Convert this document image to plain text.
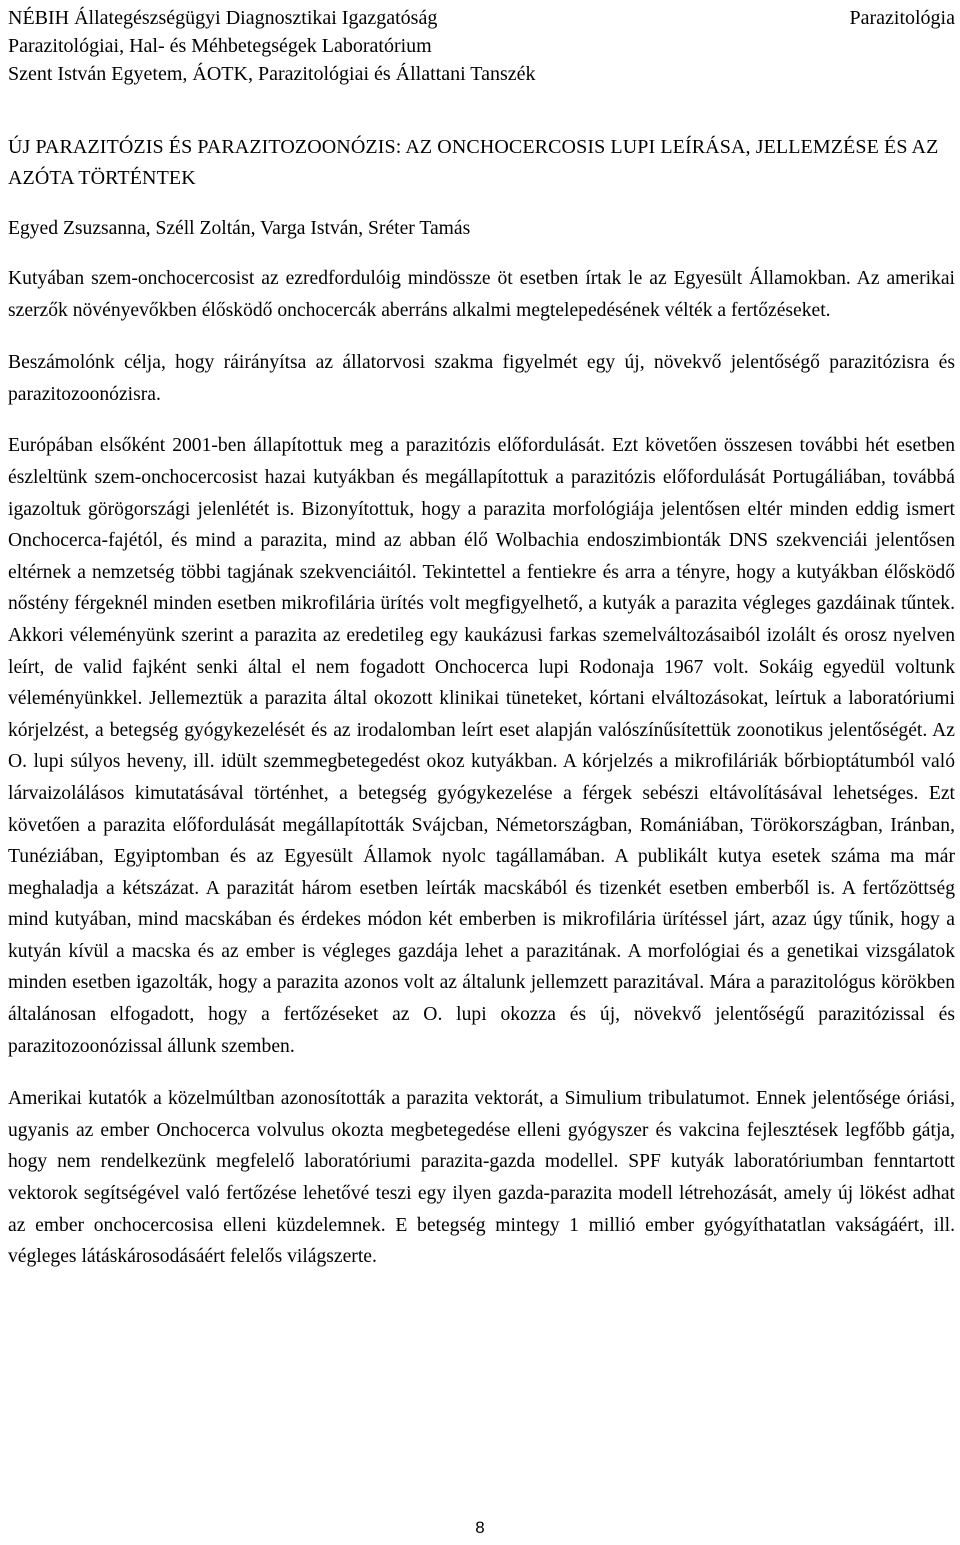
NÉBIH Állategészségügyi Diagnosztikai Igazgatóság	Parazitológia
Parazitológiai, Hal- és Méhbetegségek Laboratórium
Szent István Egyetem, ÁOTK, Parazitológiai és Állattani Tanszék
ÚJ PARAZITÓZIS ÉS PARAZITOZOONÓZIS: AZ ONCHOCERCOSIS LUPI LEÍRÁSA, JELLEMZÉSE ÉS AZ AZÓTA TÖRTÉNTEK
Egyed Zsuzsanna, Széll Zoltán, Varga István, Sréter Tamás

Kutyában szem-onchocercosist az ezredfordulóig mindössze öt esetben írtak le az Egyesült Államokban. Az amerikai szerzők növényevőkben élősködő onchocercák aberráns alkalmi megtelepedésének vélték a fertőzéseket.

Beszámolónk célja, hogy ráirányítsa az állatorvosi szakma figyelmét egy új, növekvő jelentőségő parazitózisra és parazitozoonózisra.

Európában elsőként 2001-ben állapítottuk meg a parazitózis előfordulását. Ezt követően összesen további hét esetben észleltünk szem-onchocercosist hazai kutyákban és megállapítottuk a parazitózis előfordulását Portugáliában, továbbá igazoltuk görögországi jelenlétét is. Bizonyítottuk, hogy a parazita morfológiája jelentősen eltér minden eddig ismert Onchocerca-fajétól, és mind a parazita, mind az abban élő Wolbachia endoszimbionták DNS szekvenciái jelentősen eltérnek a nemzetség többi tagjának szekvenciáitól. Tekintettel a fentiekre és arra a tényre, hogy a kutyákban élősködő nőstény férgeknél minden esetben mikrofilária ürítés volt megfigyelhető, a kutyák a parazita végleges gazdáinak tűntek. Akkori véleményünk szerint a parazita az eredetileg egy kaukázusi farkas szemelváltozásaiból izolált és orosz nyelven leírt, de valid fajként senki által el nem fogadott Onchocerca lupi Rodonaja 1967 volt. Sokáig egyedül voltunk véleményünkkel. Jellemeztük a parazita által okozott klinikai tüneteket, kórtani elváltozásokat, leírtuk a laboratóriumi kórjelzést, a betegség gyógykezelését és az irodalomban leírt eset alapján valószínűsítettük zoonotikus jelentőségét. Az O. lupi súlyos heveny, ill. idült szemmegbetegedést okoz kutyákban. A kórjelzés a mikrofiláriák bőrbioptátumból való lárvaizolálásos kimutatásával történhet, a betegség gyógykezelése a férgek sebészi eltávolításával lehetséges. Ezt követően a parazita előfordulását megállapították Svájcban, Németországban, Romániában, Törökországban, Iránban, Tunéziában, Egyiptomban és az Egyesült Államok nyolc tagállamában. A publikált kutya esetek száma ma már meghaladja a kétszázat. A parazitát három esetben leírták macskából és tizenkét esetben emberből is. A fertőzöttség mind kutyában, mind macskában és érdekes módon két emberben is mikrofilária ürítéssel járt, azaz úgy tűnik, hogy a kutyán kívül a macska és az ember is végleges gazdája lehet a parazitának. A morfológiai és a genetikai vizsgálatok minden esetben igazolták, hogy a parazita azonos volt az általunk jellemzett parazitával. Mára a parazitológus körökben általánosan elfogadott, hogy a fertőzéseket az O. lupi okozza és új, növekvő jelentőségű parazitózissal és parazitozoonózissal állunk szemben.

Amerikai kutatók a közelmúltban azonosították a parazita vektorát, a Simulium tribulatumot. Ennek jelentősége óriási, ugyanis az ember Onchocerca volvulus okozta megbetegedése elleni gyógyszer és vakcina fejlesztések legfőbb gátja, hogy nem rendelkezünk megfelelő laboratóriumi parazita-gazda modellel. SPF kutyák laboratóriumban fenntartott vektorok segítségével való fertőzése lehetővé teszi egy ilyen gazda-parazita modell létrehozását, amely új lökést adhat az ember onchocercosisa elleni küzdelemnek. E betegség mintegy 1 millió ember gyógyíthatatlan vakságáért, ill. végleges látáskárosodásáért felelős világszerte.

8
